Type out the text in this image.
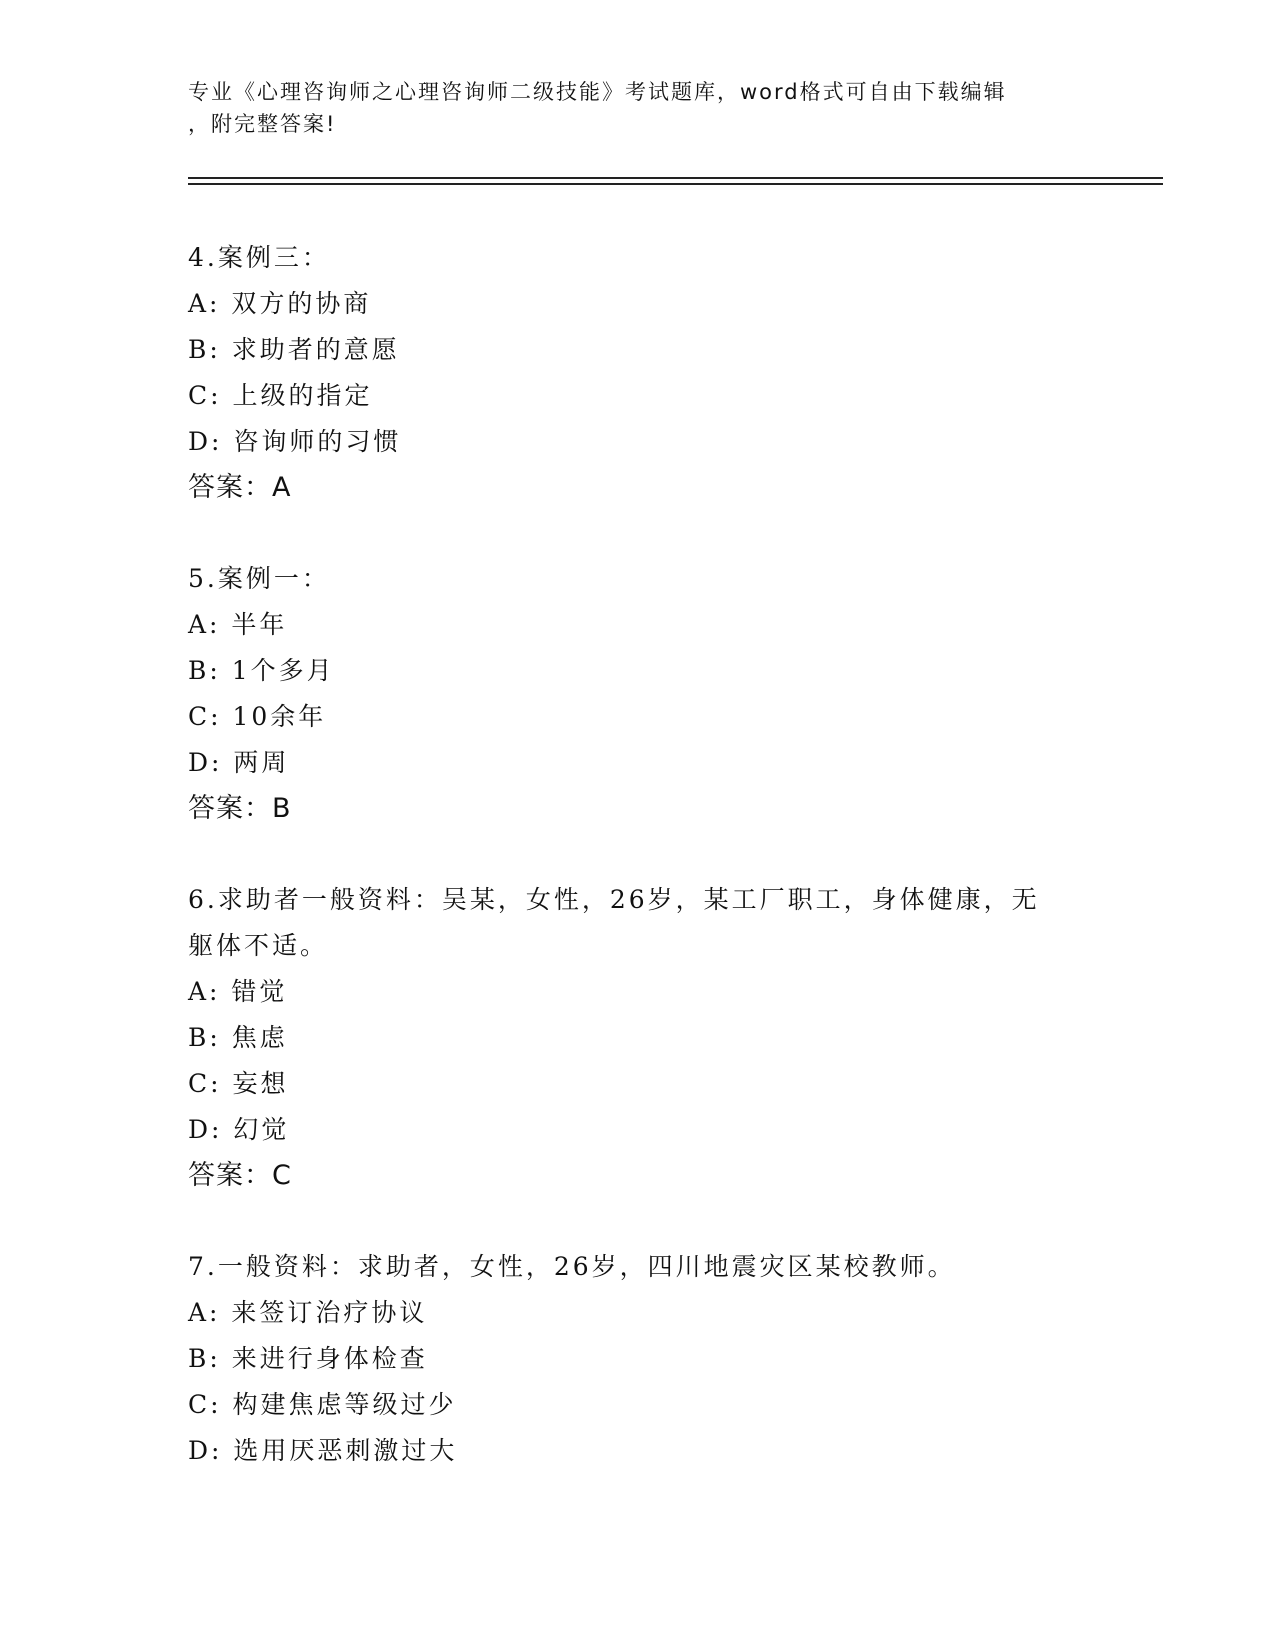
专业《心理咨询师之心理咨询师二级技能》考试题库，word格式可自由下载编辑
，附完整答案!

4.案例三：

A: 双方的协商

B: 求助者的意愿

C: 上级的指定

D: 咨询师的习惯

答案：A

5.案例一：

A: 半年

B: 1个多月

C: 10余年

D: 两周

答案：B

6.求助者一般资料：吴某，女性，26岁，某工厂职工，身体健康，无

躯体不适。

A: 错觉

B: 焦虑

C: 妄想

D: 幻觉

答案：C

7.一般资料：求助者，女性，26岁，四川地震灾区某校教师。

A: 来签订治疗协议

B: 来进行身体检查

C: 构建焦虑等级过少

D: 选用厌恶刺激过大
